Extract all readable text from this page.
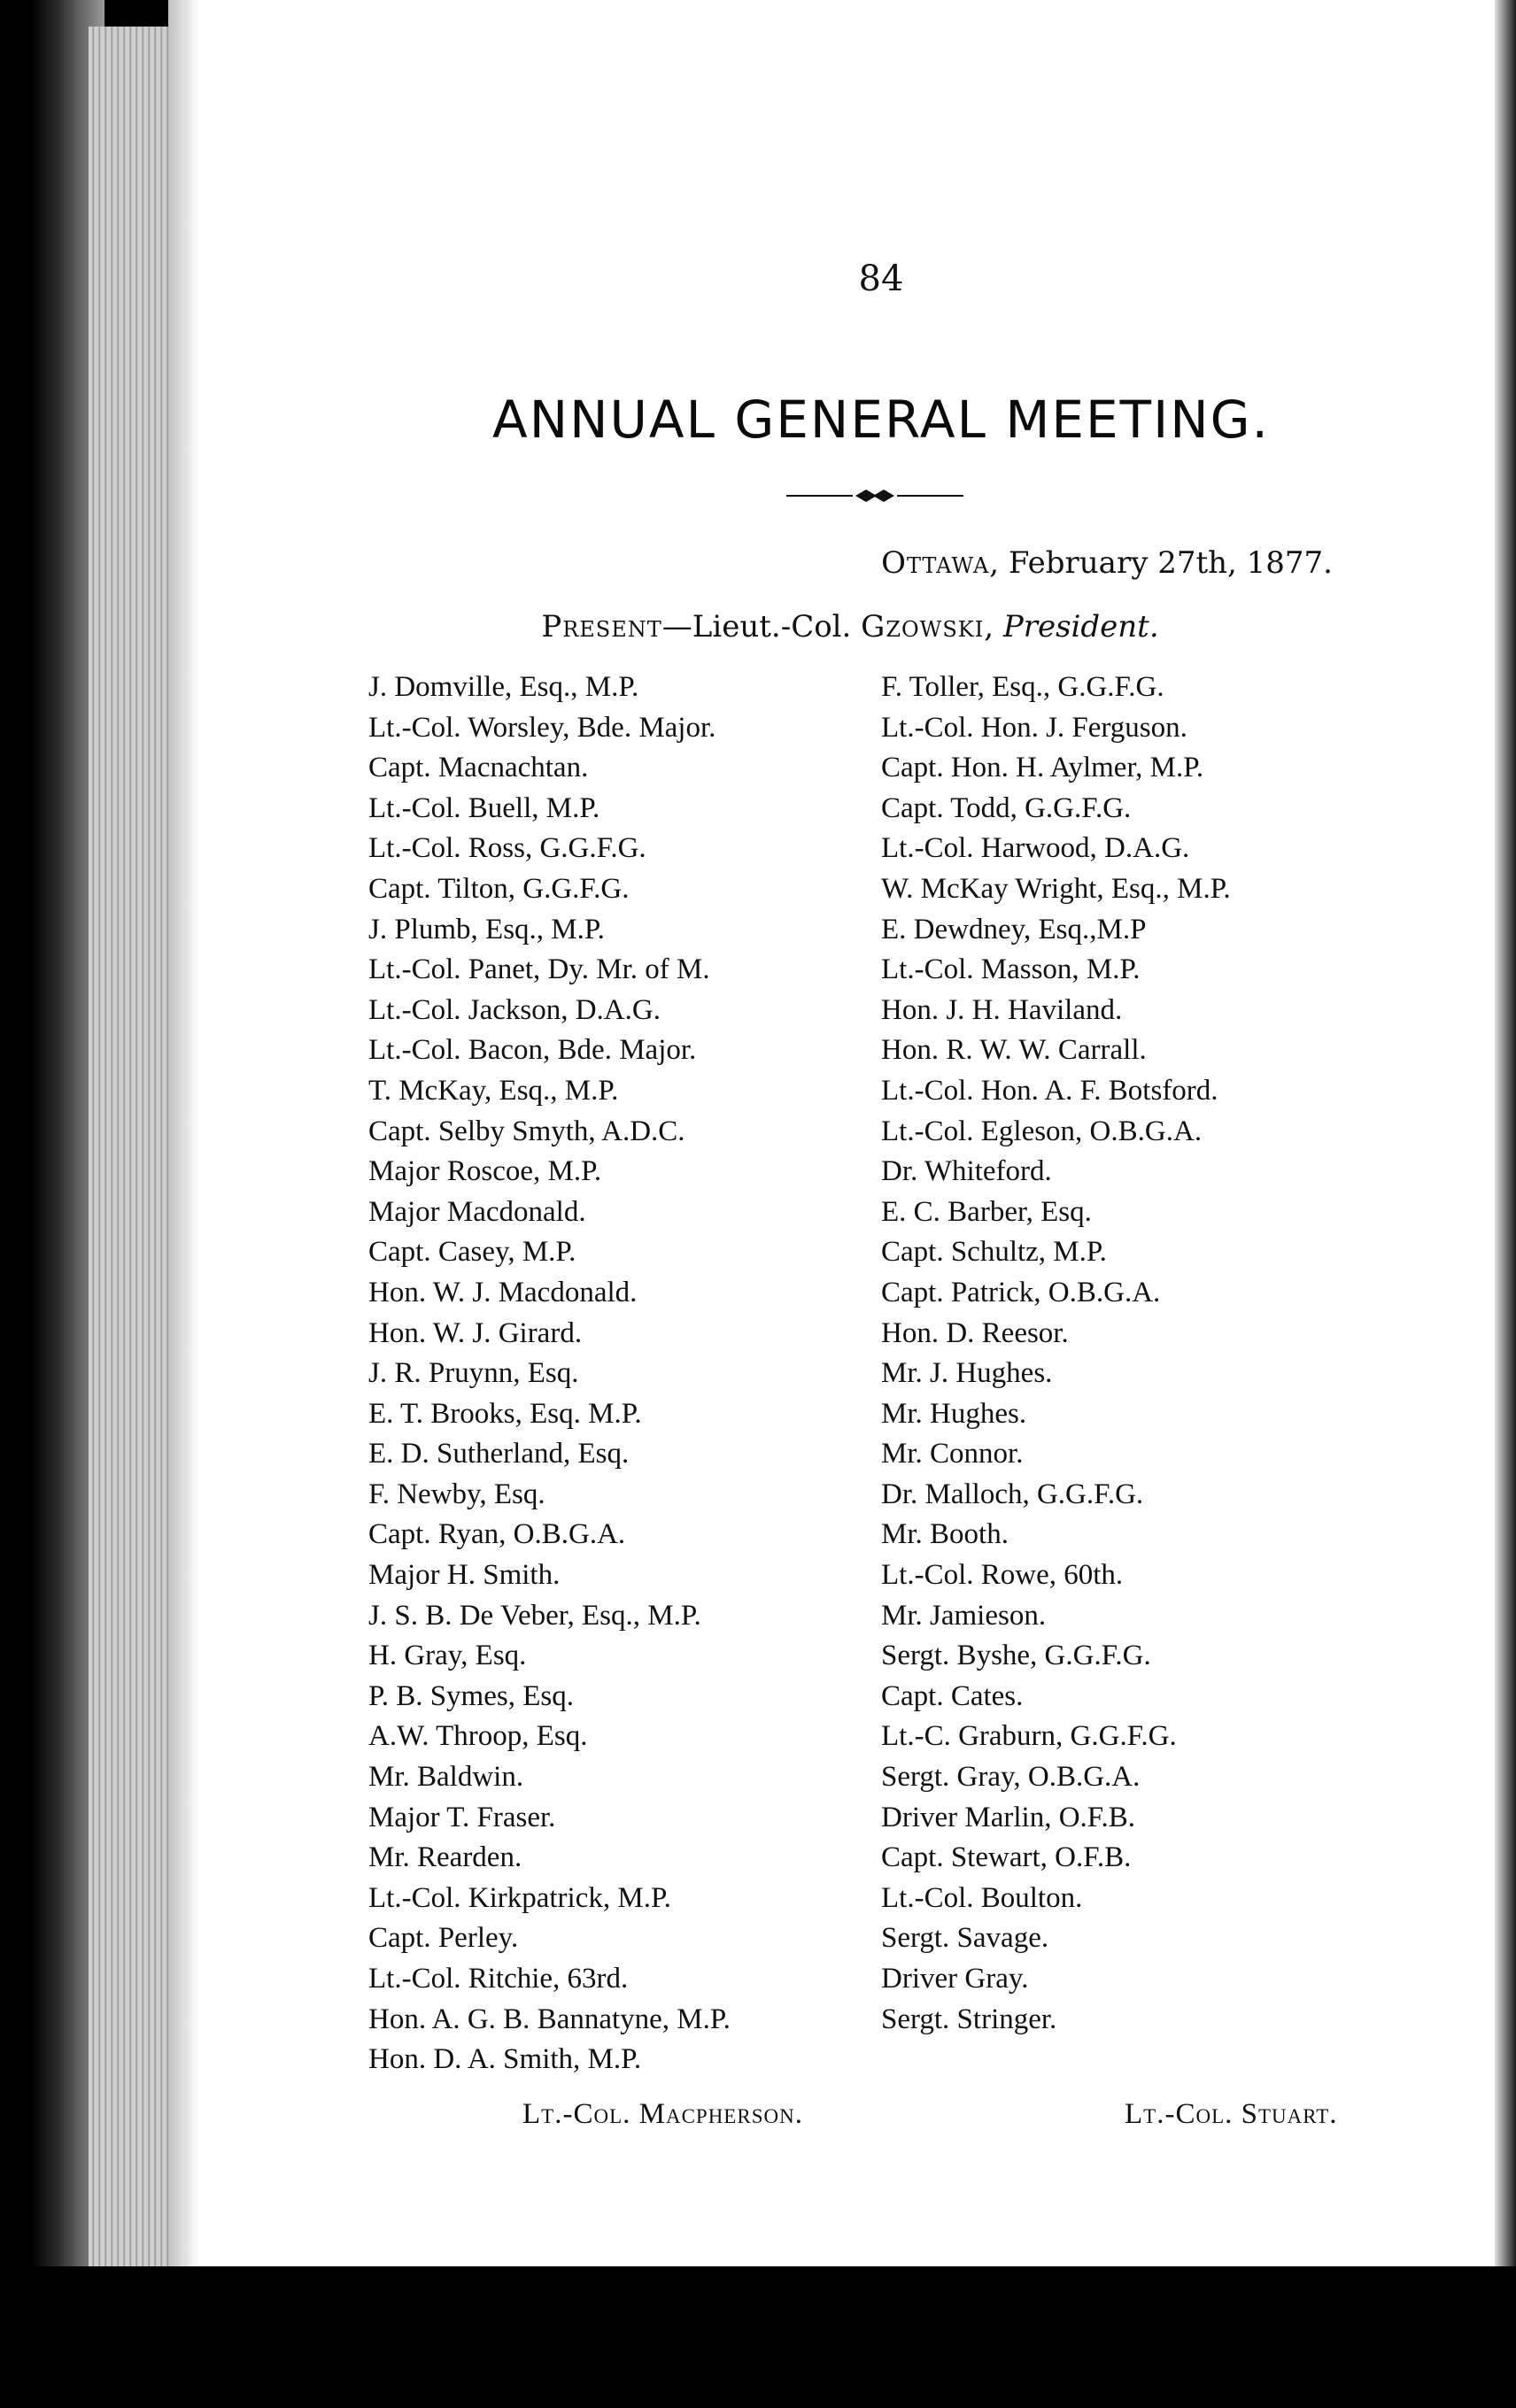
84
ANNUAL GENERAL MEETING.
Ottawa, February 27th, 1877.
Present—Lieut.-Col. Gzowski, President.
J. Domville, Esq., M.P.
Lt.-Col. Worsley, Bde. Major.
Capt. Macnachtan.
Lt.-Col. Buell, M.P.
Lt.-Col. Ross, G.G.F.G.
Capt. Tilton, G.G.F.G.
J. Plumb, Esq., M.P.
Lt.-Col. Panet, Dy. Mr. of M.
Lt.-Col. Jackson, D.A.G.
Lt.-Col. Bacon, Bde. Major.
T. McKay, Esq., M.P.
Capt. Selby Smyth, A.D.C.
Major Roscoe, M.P.
Major Macdonald.
Capt. Casey, M.P.
Hon. W. J. Macdonald.
Hon. W. J. Girard.
J. R. Pruynn, Esq.
E. T. Brooks, Esq. M.P.
E. D. Sutherland, Esq.
F. Newby, Esq.
Capt. Ryan, O.B.G.A.
Major H. Smith.
J. S. B. De Veber, Esq., M.P.
H. Gray, Esq.
P. B. Symes, Esq.
A.W. Throop, Esq.
Mr. Baldwin.
Major T. Fraser.
Mr. Rearden.
Lt.-Col. Kirkpatrick, M.P.
Capt. Perley.
Lt.-Col. Ritchie, 63rd.
Hon. A. G. B. Bannatyne, M.P.
Hon. D. A. Smith, M.P.
F. Toller, Esq., G.G.F.G.
Lt.-Col. Hon. J. Ferguson.
Capt. Hon. H. Aylmer, M.P.
Capt. Todd, G.G.F.G.
Lt.-Col. Harwood, D.A.G.
W. McKay Wright, Esq., M.P.
E. Dewdney, Esq.,M.P
Lt.-Col. Masson, M.P.
Hon. J. H. Haviland.
Hon. R. W. W. Carrall.
Lt.-Col. Hon. A. F. Botsford.
Lt.-Col. Egleson, O.B.G.A.
Dr. Whiteford.
E. C. Barber, Esq.
Capt. Schultz, M.P.
Capt. Patrick, O.B.G.A.
Hon. D. Reesor.
Mr. J. Hughes.
Mr. Hughes.
Mr. Connor.
Dr. Malloch, G.G.F.G.
Mr. Booth.
Lt.-Col. Rowe, 60th.
Mr. Jamieson.
Sergt. Byshe, G.G.F.G.
Capt. Cates.
Lt.-C. Graburn, G.G.F.G.
Sergt. Gray, O.B.G.A.
Driver Marlin, O.F.B.
Capt. Stewart, O.F.B.
Lt.-Col. Boulton.
Sergt. Savage.
Driver Gray.
Sergt. Stringer.
Lt.-Col. Macpherson.	Lt.-Col. Stuart.
